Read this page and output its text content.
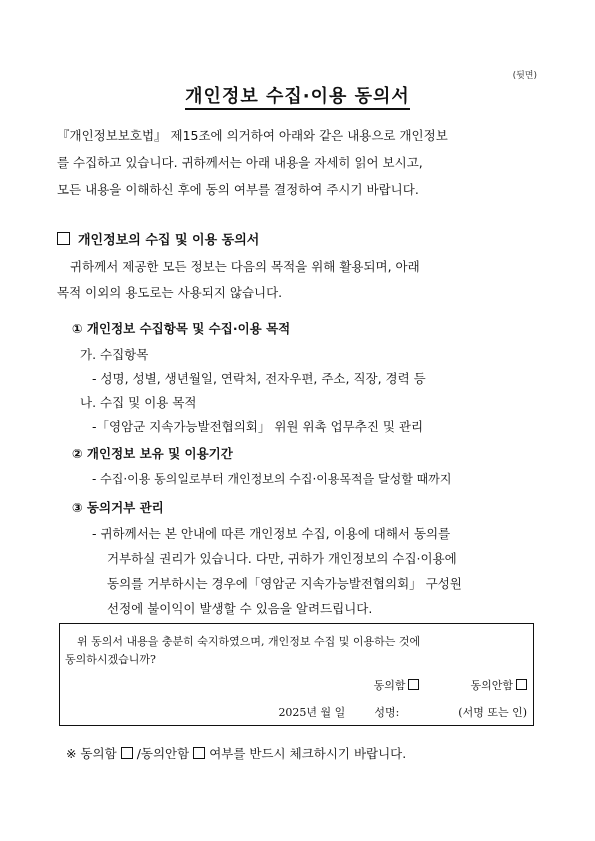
(뒷면)
개인정보 수집·이용 동의서
『개인정보보호법』 제15조에 의거하여 아래와 같은 내용으로 개인정보
를 수집하고 있습니다. 귀하께서는 아래 내용을 자세히 읽어 보시고,
모든 내용을 이해하신 후에 동의 여부를 결정하여 주시기 바랍니다.
개인정보의 수집 및 이용 동의서
귀하께서 제공한 모든 정보는 다음의 목적을 위해 활용되며, 아래
목적 이외의 용도로는 사용되지 않습니다.
① 개인정보 수집항목 및 수집·이용 목적
가. 수집항목
- 성명, 성별, 생년월일, 연락처, 전자우편, 주소, 직장, 경력 등
나. 수집 및 이용 목적
-「영암군 지속가능발전협의회」 위원 위촉 업무추진 및 관리
② 개인정보 보유 및 이용기간
- 수집·이용 동의일로부터 개인정보의 수집·이용목적을 달성할 때까지
③ 동의거부 관리
- 귀하께서는 본 안내에 따른 개인정보 수집, 이용에 대해서 동의를
거부하실 권리가 있습니다. 다만, 귀하가 개인정보의 수집·이용에
동의를 거부하시는 경우에「영암군 지속가능발전협의회」 구성원
선정에 불이익이 발생할 수 있음을 알려드립니다.
위 동의서 내용을 충분히 숙지하였으며, 개인정보 수집 및 이용하는 것에
동의하시겠습니까?
동의함	동의안함
2025년 월 일	성명:	(서명 또는 인)
※ 동의함 /동의안함 여부를 반드시 체크하시기 바랍니다.
